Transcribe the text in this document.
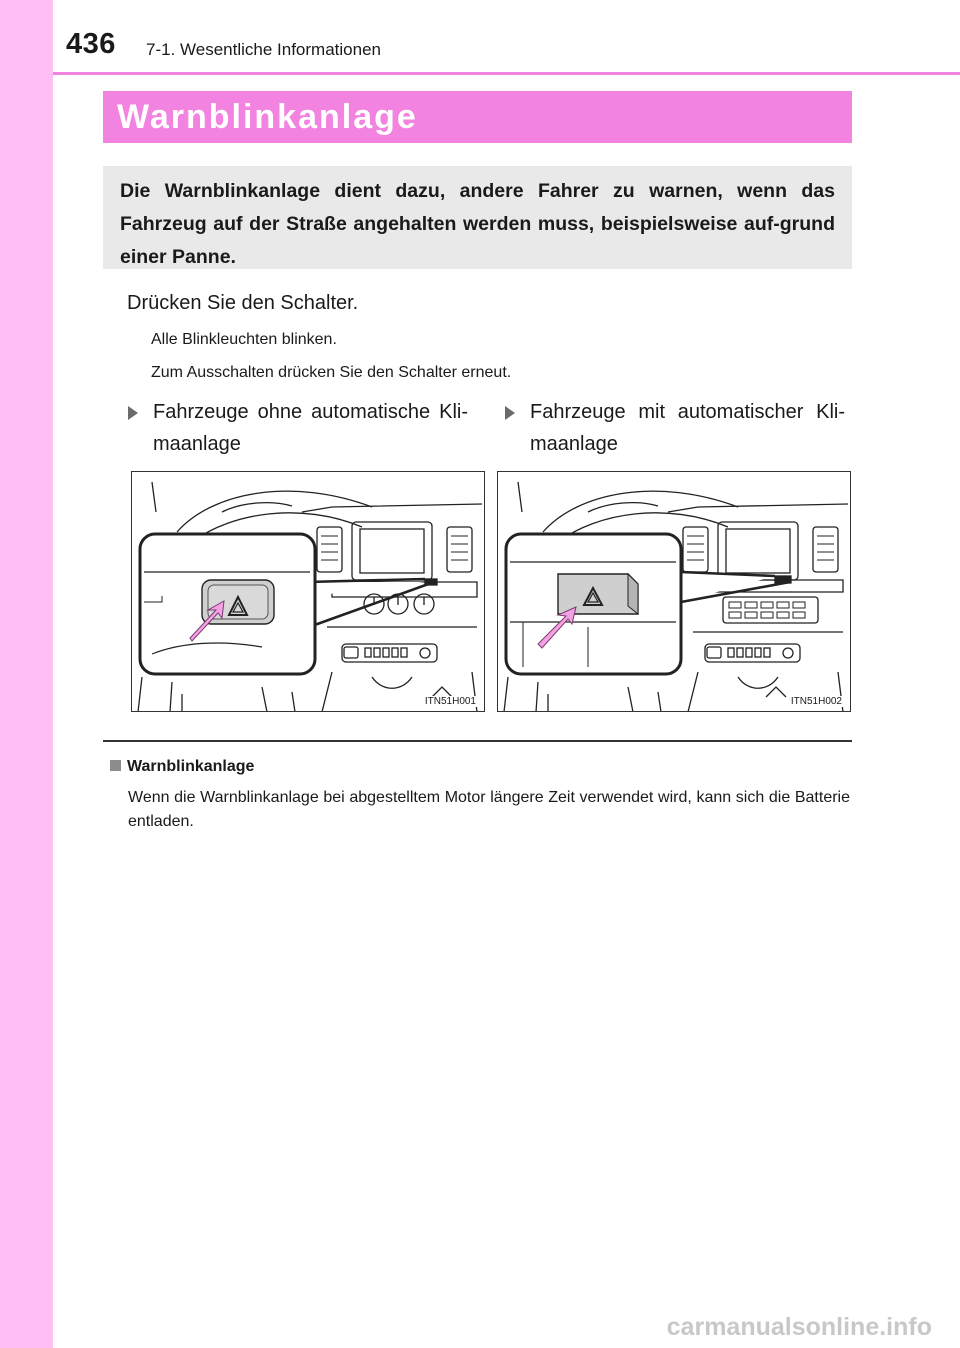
436 7-1. Wesentliche Informationen
Warnblinkanlage
Die Warnblinkanlage dient dazu, andere Fahrer zu warnen, wenn das Fahrzeug auf der Straße angehalten werden muss, beispielsweise auf-grund einer Panne.
Drücken Sie den Schalter.
Alle Blinkleuchten blinken.
Zum Ausschalten drücken Sie den Schalter erneut.
Fahrzeuge ohne automatische Kli-maanlage
Fahrzeuge mit automatischer Kli-maanlage
ITN51H001	ITN51H002
Warnblinkanlage
Wenn die Warnblinkanlage bei abgestelltem Motor längere Zeit verwendet wird, kann sich die Batterie entladen.
carmanualsonline.info
